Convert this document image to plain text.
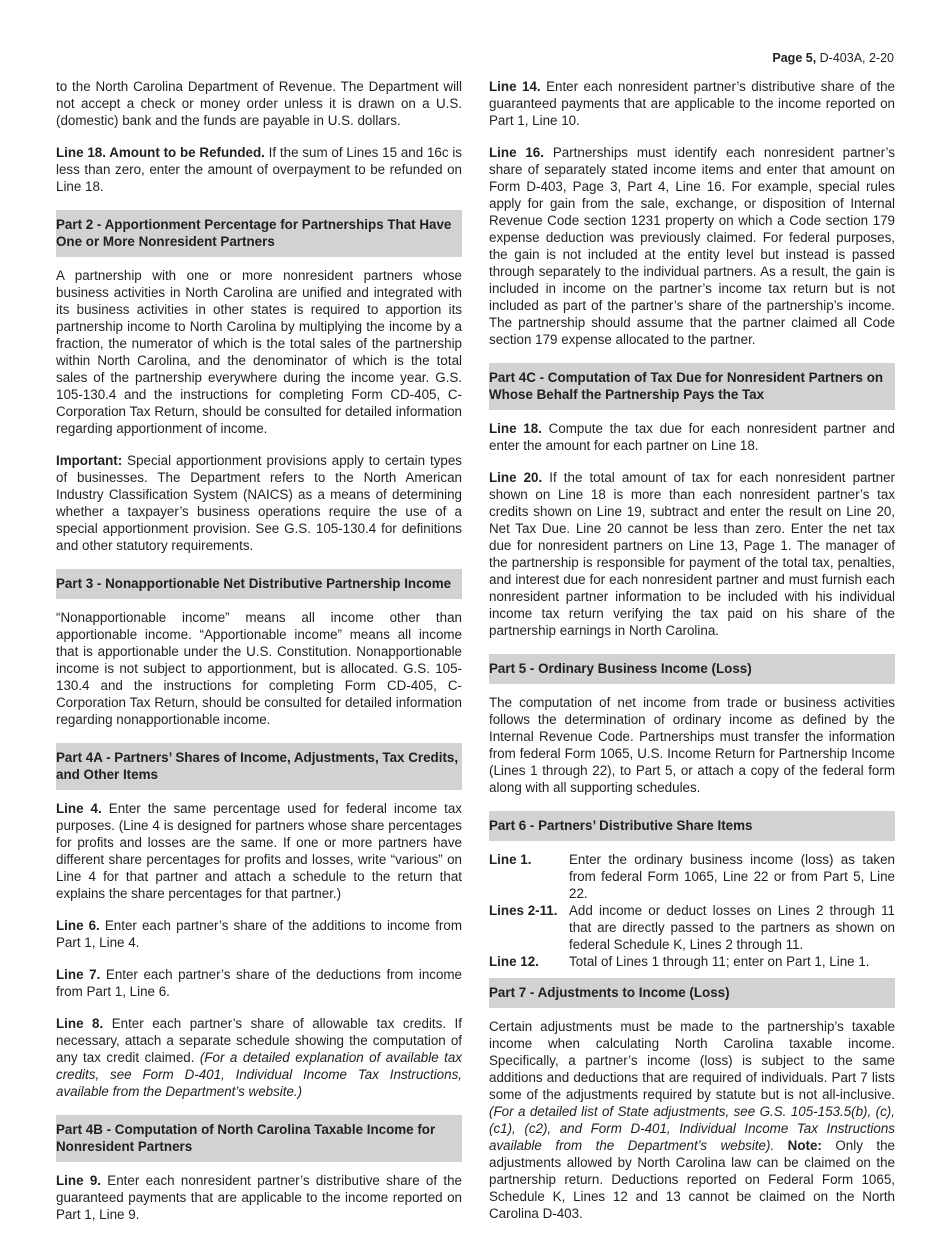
Page 5, D-403A, 2-20

to the North Carolina Department of Revenue. The Department will not accept a check or money order unless it is drawn on a U.S. (domestic) bank and the funds are payable in U.S. dollars.

Line 18. Amount to be Refunded. If the sum of Lines 15 and 16c is less than zero, enter the amount of overpayment to be refunded on Line 18.

Part 2 - Apportionment Percentage for Partnerships That Have One or More Nonresident Partners

A partnership with one or more nonresident partners whose business activities in North Carolina are unified and integrated with its business activities in other states is required to apportion its partnership income to North Carolina by multiplying the income by a fraction, the numerator of which is the total sales of the partnership within North Carolina, and the denominator of which is the total sales of the partnership everywhere during the income year. G.S. 105-130.4 and the instructions for completing Form CD-405, C-Corporation Tax Return, should be consulted for detailed information regarding apportionment of income.

Important: Special apportionment provisions apply to certain types of businesses. The Department refers to the North American Industry Classification System (NAICS) as a means of determining whether a taxpayer’s business operations require the use of a special apportionment provision. See G.S. 105-130.4 for definitions and other statutory requirements.

Part 3 - Nonapportionable Net Distributive Partnership Income

“Nonapportionable income” means all income other than apportionable income. “Apportionable income” means all income that is apportionable under the U.S. Constitution. Nonapportionable income is not subject to apportionment, but is allocated. G.S. 105-130.4 and the instructions for completing Form CD-405, C-Corporation Tax Return, should be consulted for detailed information regarding nonapportionable income.

Part 4A - Partners’ Shares of Income, Adjustments, Tax Credits, and Other Items

Line 4. Enter the same percentage used for federal income tax purposes. (Line 4 is designed for partners whose share percentages for profits and losses are the same. If one or more partners have different share percentages for profits and losses, write “various” on Line 4 for that partner and attach a schedule to the return that explains the share percentages for that partner.)

Line 6. Enter each partner’s share of the additions to income from Part 1, Line 4.

Line 7. Enter each partner’s share of the deductions from income from Part 1, Line 6.

Line 8. Enter each partner’s share of allowable tax credits. If necessary, attach a separate schedule showing the computation of any tax credit claimed. (For a detailed explanation of available tax credits, see Form D-401, Individual Income Tax Instructions, available from the Department’s website.)

Part 4B - Computation of North Carolina Taxable Income for Nonresident Partners

Line 9. Enter each nonresident partner’s distributive share of the guaranteed payments that are applicable to the income reported on Part 1, Line 9.

Line 14. Enter each nonresident partner’s distributive share of the guaranteed payments that are applicable to the income reported on Part 1, Line 10.

Line 16. Partnerships must identify each nonresident partner’s share of separately stated income items and enter that amount on Form D-403, Page 3, Part 4, Line 16. For example, special rules apply for gain from the sale, exchange, or disposition of Internal Revenue Code section 1231 property on which a Code section 179 expense deduction was previously claimed. For federal purposes, the gain is not included at the entity level but instead is passed through separately to the individual partners. As a result, the gain is included in income on the partner’s income tax return but is not included as part of the partner’s share of the partnership’s income. The partnership should assume that the partner claimed all Code section 179 expense allocated to the partner.

Part 4C - Computation of Tax Due for Nonresident Partners on Whose Behalf the Partnership Pays the Tax

Line 18. Compute the tax due for each nonresident partner and enter the amount for each partner on Line 18.

Line 20. If the total amount of tax for each nonresident partner shown on Line 18 is more than each nonresident partner’s tax credits shown on Line 19, subtract and enter the result on Line 20, Net Tax Due. Line 20 cannot be less than zero. Enter the net tax due for nonresident partners on Line 13, Page 1. The manager of the partnership is responsible for payment of the total tax, penalties, and interest due for each nonresident partner and must furnish each nonresident partner information to be included with his individual income tax return verifying the tax paid on his share of the partnership earnings in North Carolina.

Part 5 - Ordinary Business Income (Loss)

The computation of net income from trade or business activities follows the determination of ordinary income as defined by the Internal Revenue Code. Partnerships must transfer the information from federal Form 1065, U.S. Income Return for Partnership Income (Lines 1 through 22), to Part 5, or attach a copy of the federal form along with all supporting schedules.

Part 6 - Partners’ Distributive Share Items
Line 1.	Enter the ordinary business income (loss) as taken from federal Form 1065, Line 22 or from Part 5, Line 22.
Lines 2-11.	Add income or deduct losses on Lines 2 through 11 that are directly passed to the partners as shown on federal Schedule K, Lines 2 through 11.
Line 12.	Total of Lines 1 through 11; enter on Part 1, Line 1.
Part 7 - Adjustments to Income (Loss)

Certain adjustments must be made to the partnership’s taxable income when calculating North Carolina taxable income. Specifically, a partner’s income (loss) is subject to the same additions and deductions that are required of individuals. Part 7 lists some of the adjustments required by statute but is not all-inclusive. (For a detailed list of State adjustments, see G.S. 105-153.5(b), (c), (c1), (c2), and Form D-401, Individual Income Tax Instructions available from the Department’s website). Note: Only the adjustments allowed by North Carolina law can be claimed on the partnership return. Deductions reported on Federal Form 1065, Schedule K, Lines 12 and 13 cannot be claimed on the North Carolina D-403.
